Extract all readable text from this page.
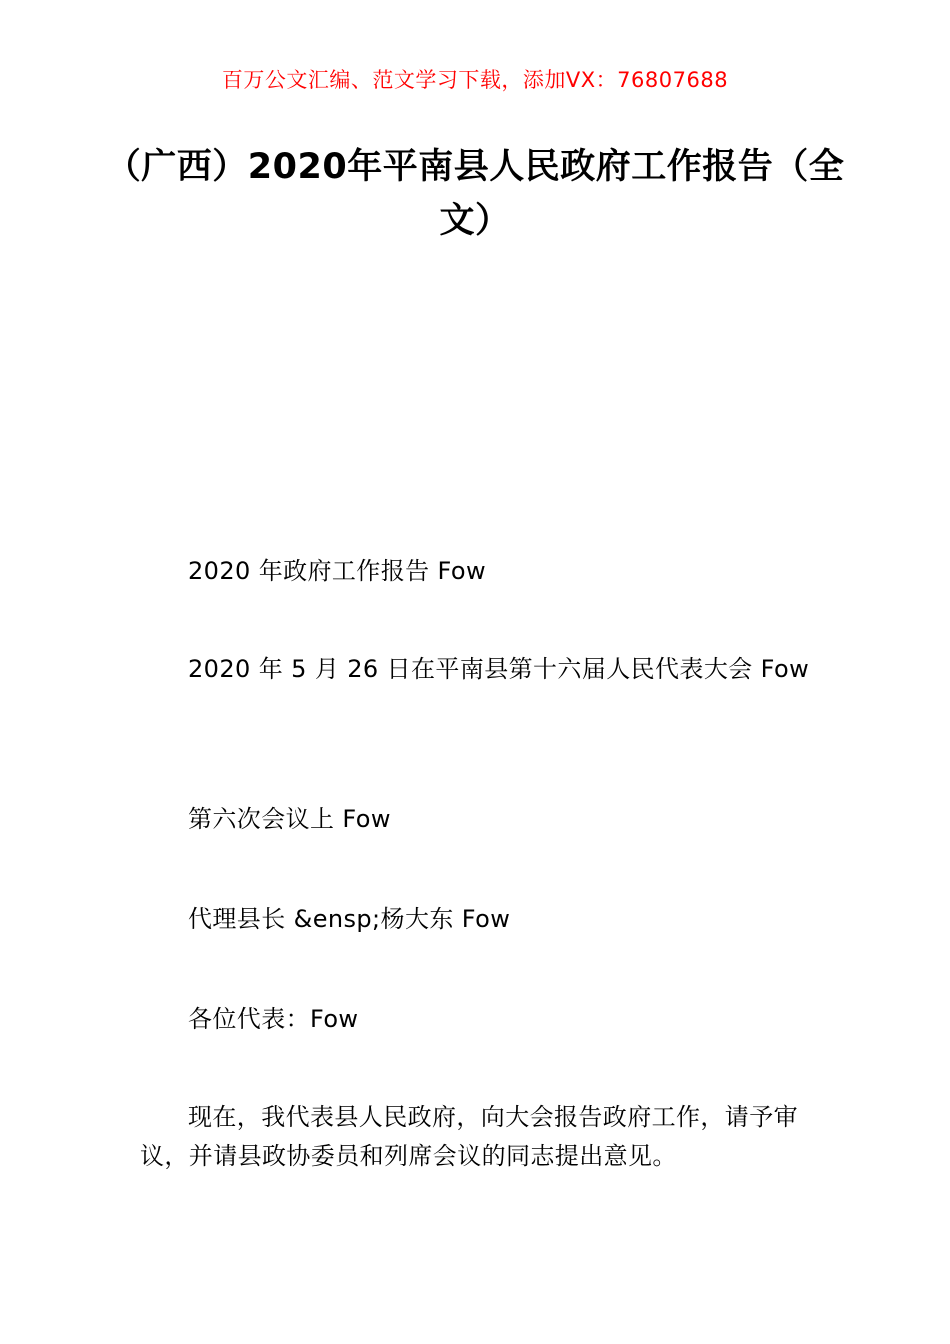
百万公文汇编、范文学习下载，添加VX：76807688
（广西）2020年平南县人民政府工作报告（全文）
2020 年政府工作报告 Fow
2020 年 5 月 26 日在平南县第十六届人民代表大会 Fow
第六次会议上 Fow
代理县长 &ensp;杨大东 Fow
各位代表：Fow
现在，我代表县人民政府，向大会报告政府工作，请予审议，并请县政协委员和列席会议的同志提出意见。
